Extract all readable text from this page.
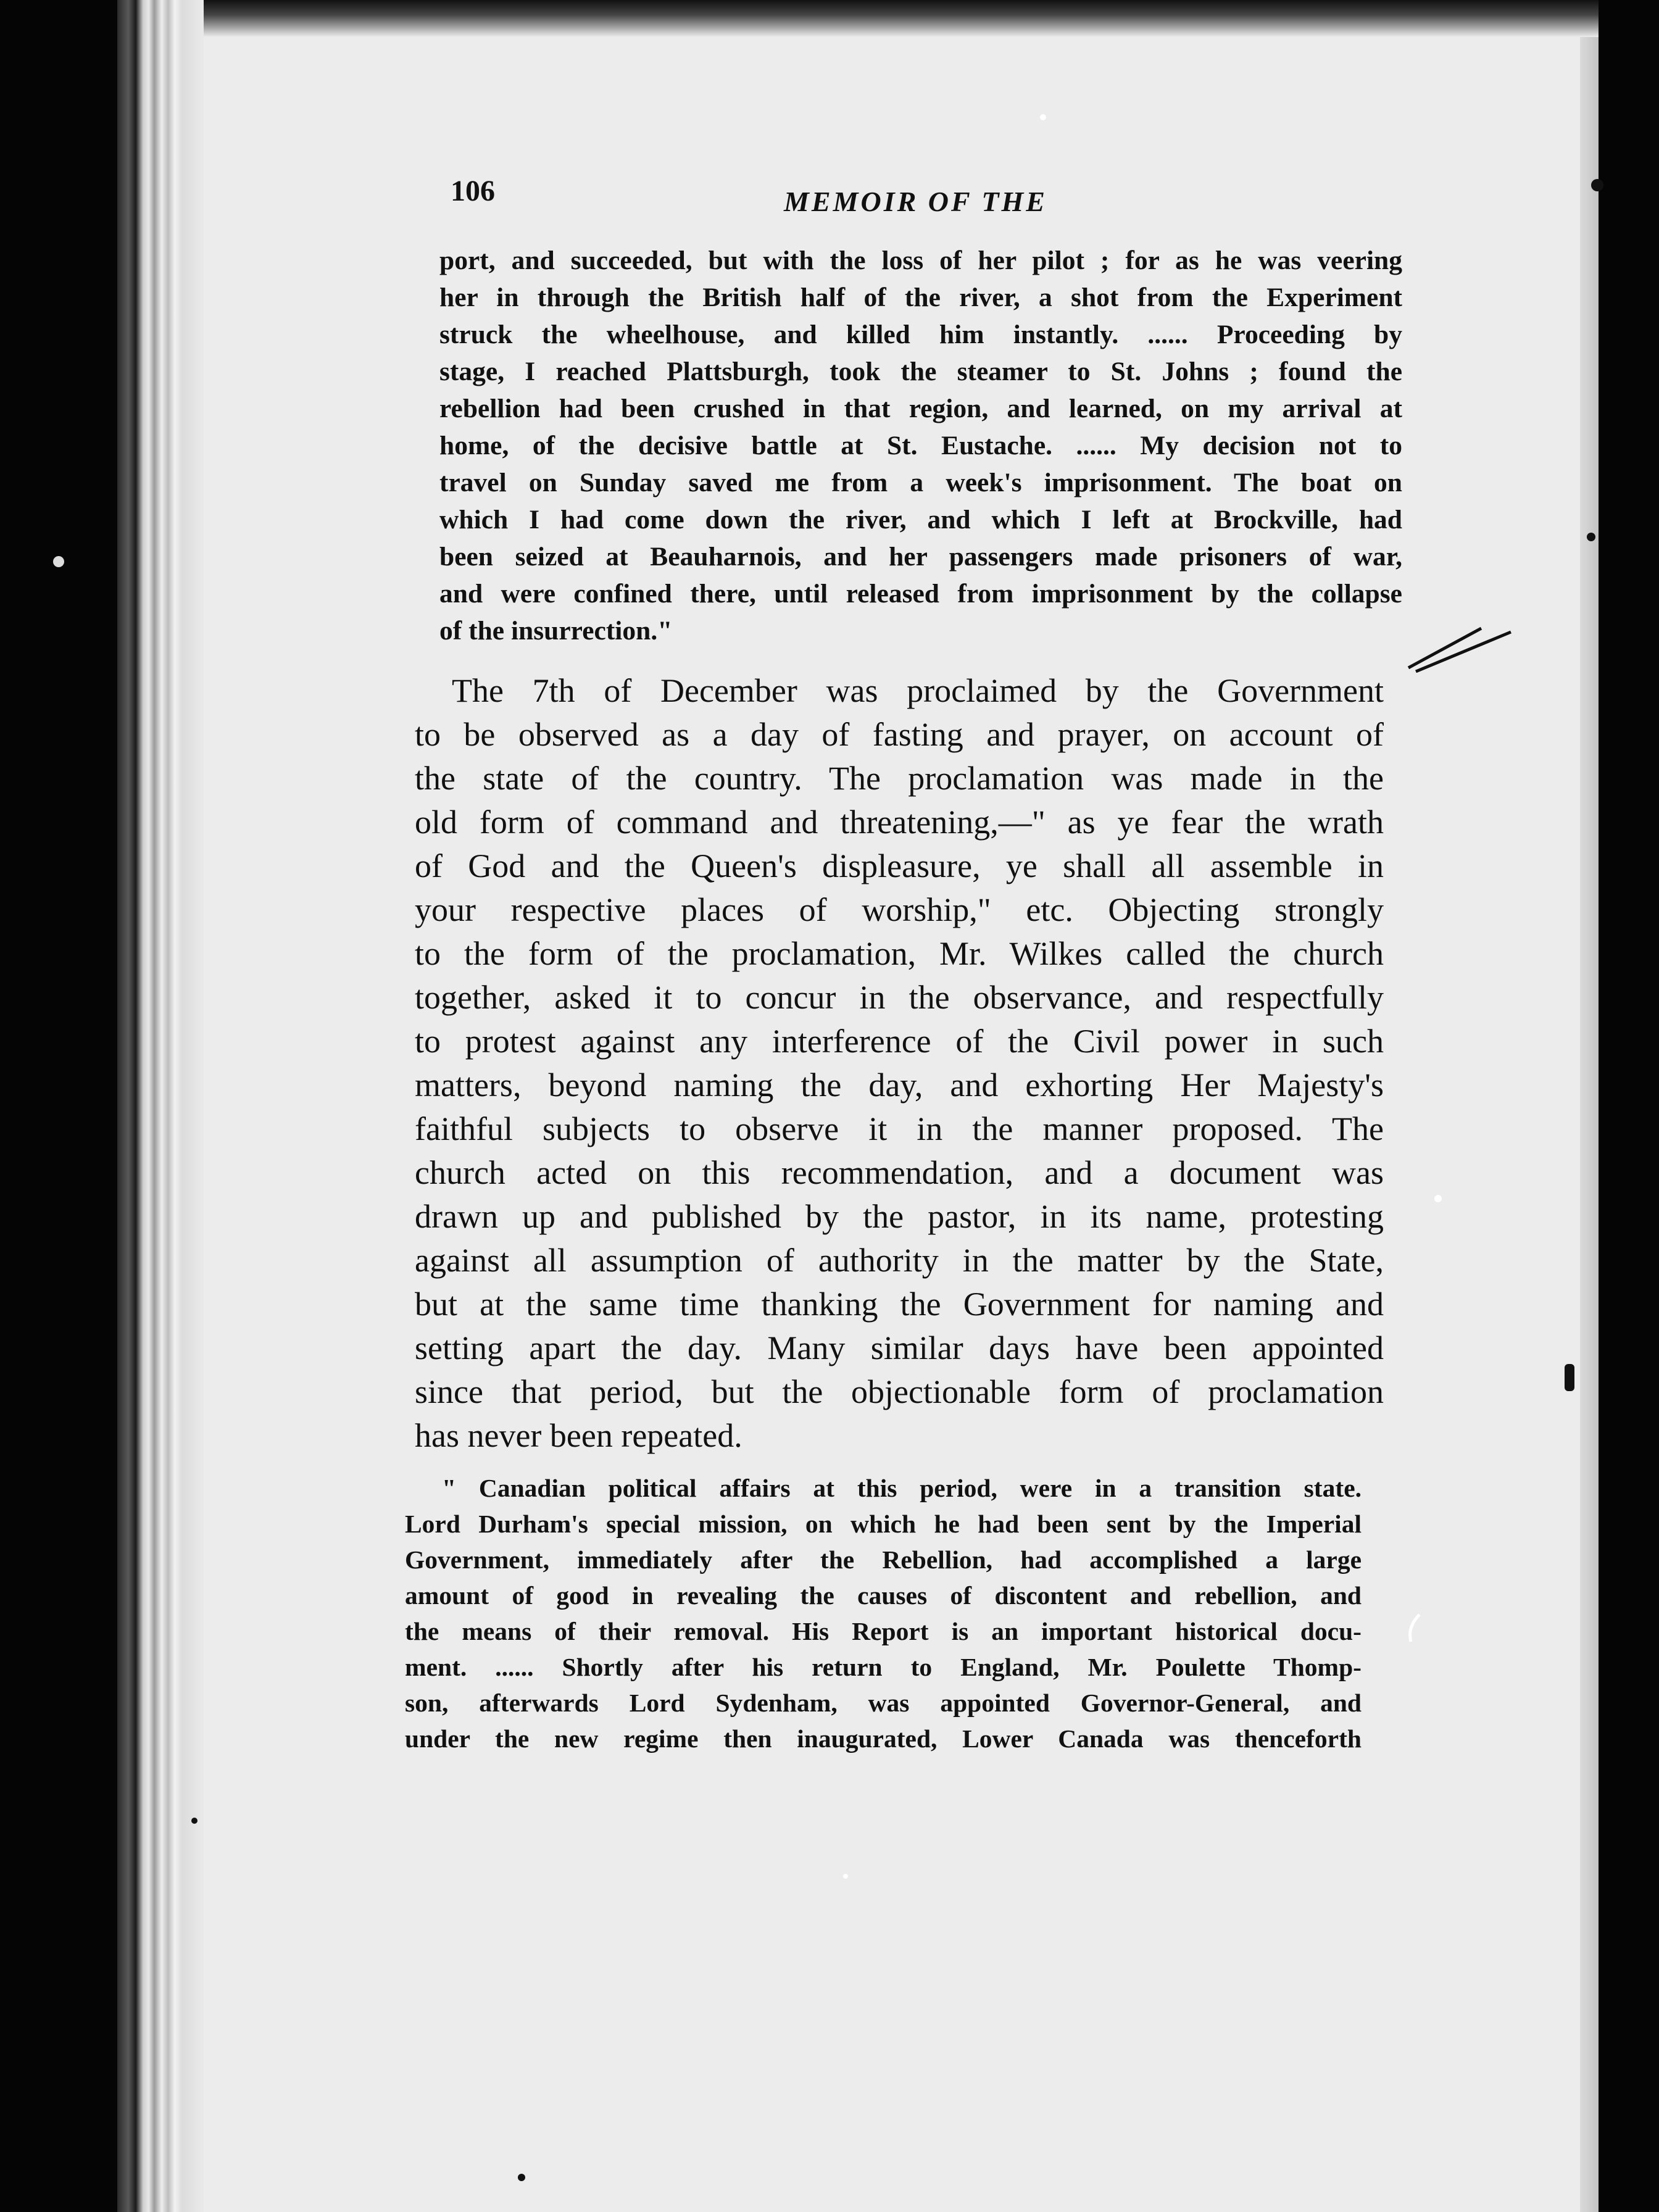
106	MEMOIR OF THE
port, and succeeded, but with the loss of her pilot ; for as he was veering
her in through the British half of the river, a shot from the Experiment
struck the wheelhouse, and killed him instantly. ...... Proceeding by
stage, I reached Plattsburgh, took the steamer to St. Johns ; found the
rebellion had been crushed in that region, and learned, on my arrival at
home, of the decisive battle at St. Eustache. ...... My decision not to
travel on Sunday saved me from a week's imprisonment. The boat on
which I had come down the river, and which I left at Brockville, had
been seized at Beauharnois, and her passengers made prisoners of war,
and were confined there, until released from imprisonment by the collapse
of the insurrection."
The 7th of December was proclaimed by the Government
to be observed as a day of fasting and prayer, on account of
the state of the country. The proclamation was made in the
old form of command and threatening,—" as ye fear the wrath
of God and the Queen's displeasure, ye shall all assemble in
your respective places of worship," etc. Objecting strongly
to the form of the proclamation, Mr. Wilkes called the church
together, asked it to concur in the observance, and respectfully
to protest against any interference of the Civil power in such
matters, beyond naming the day, and exhorting Her Majesty's
faithful subjects to observe it in the manner proposed. The
church acted on this recommendation, and a document was
drawn up and published by the pastor, in its name, protesting
against all assumption of authority in the matter by the State,
but at the same time thanking the Government for naming and
setting apart the day. Many similar days have been appointed
since that period, but the objectionable form of proclamation
has never been repeated.
" Canadian political affairs at this period, were in a transition state.
Lord Durham's special mission, on which he had been sent by the Imperial
Government, immediately after the Rebellion, had accomplished a large
amount of good in revealing the causes of discontent and rebellion, and
the means of their removal. His Report is an important historical docu-
ment. ...... Shortly after his return to England, Mr. Poulette Thomp-
son, afterwards Lord Sydenham, was appointed Governor-General, and
under the new regime then inaugurated, Lower Canada was thenceforth
